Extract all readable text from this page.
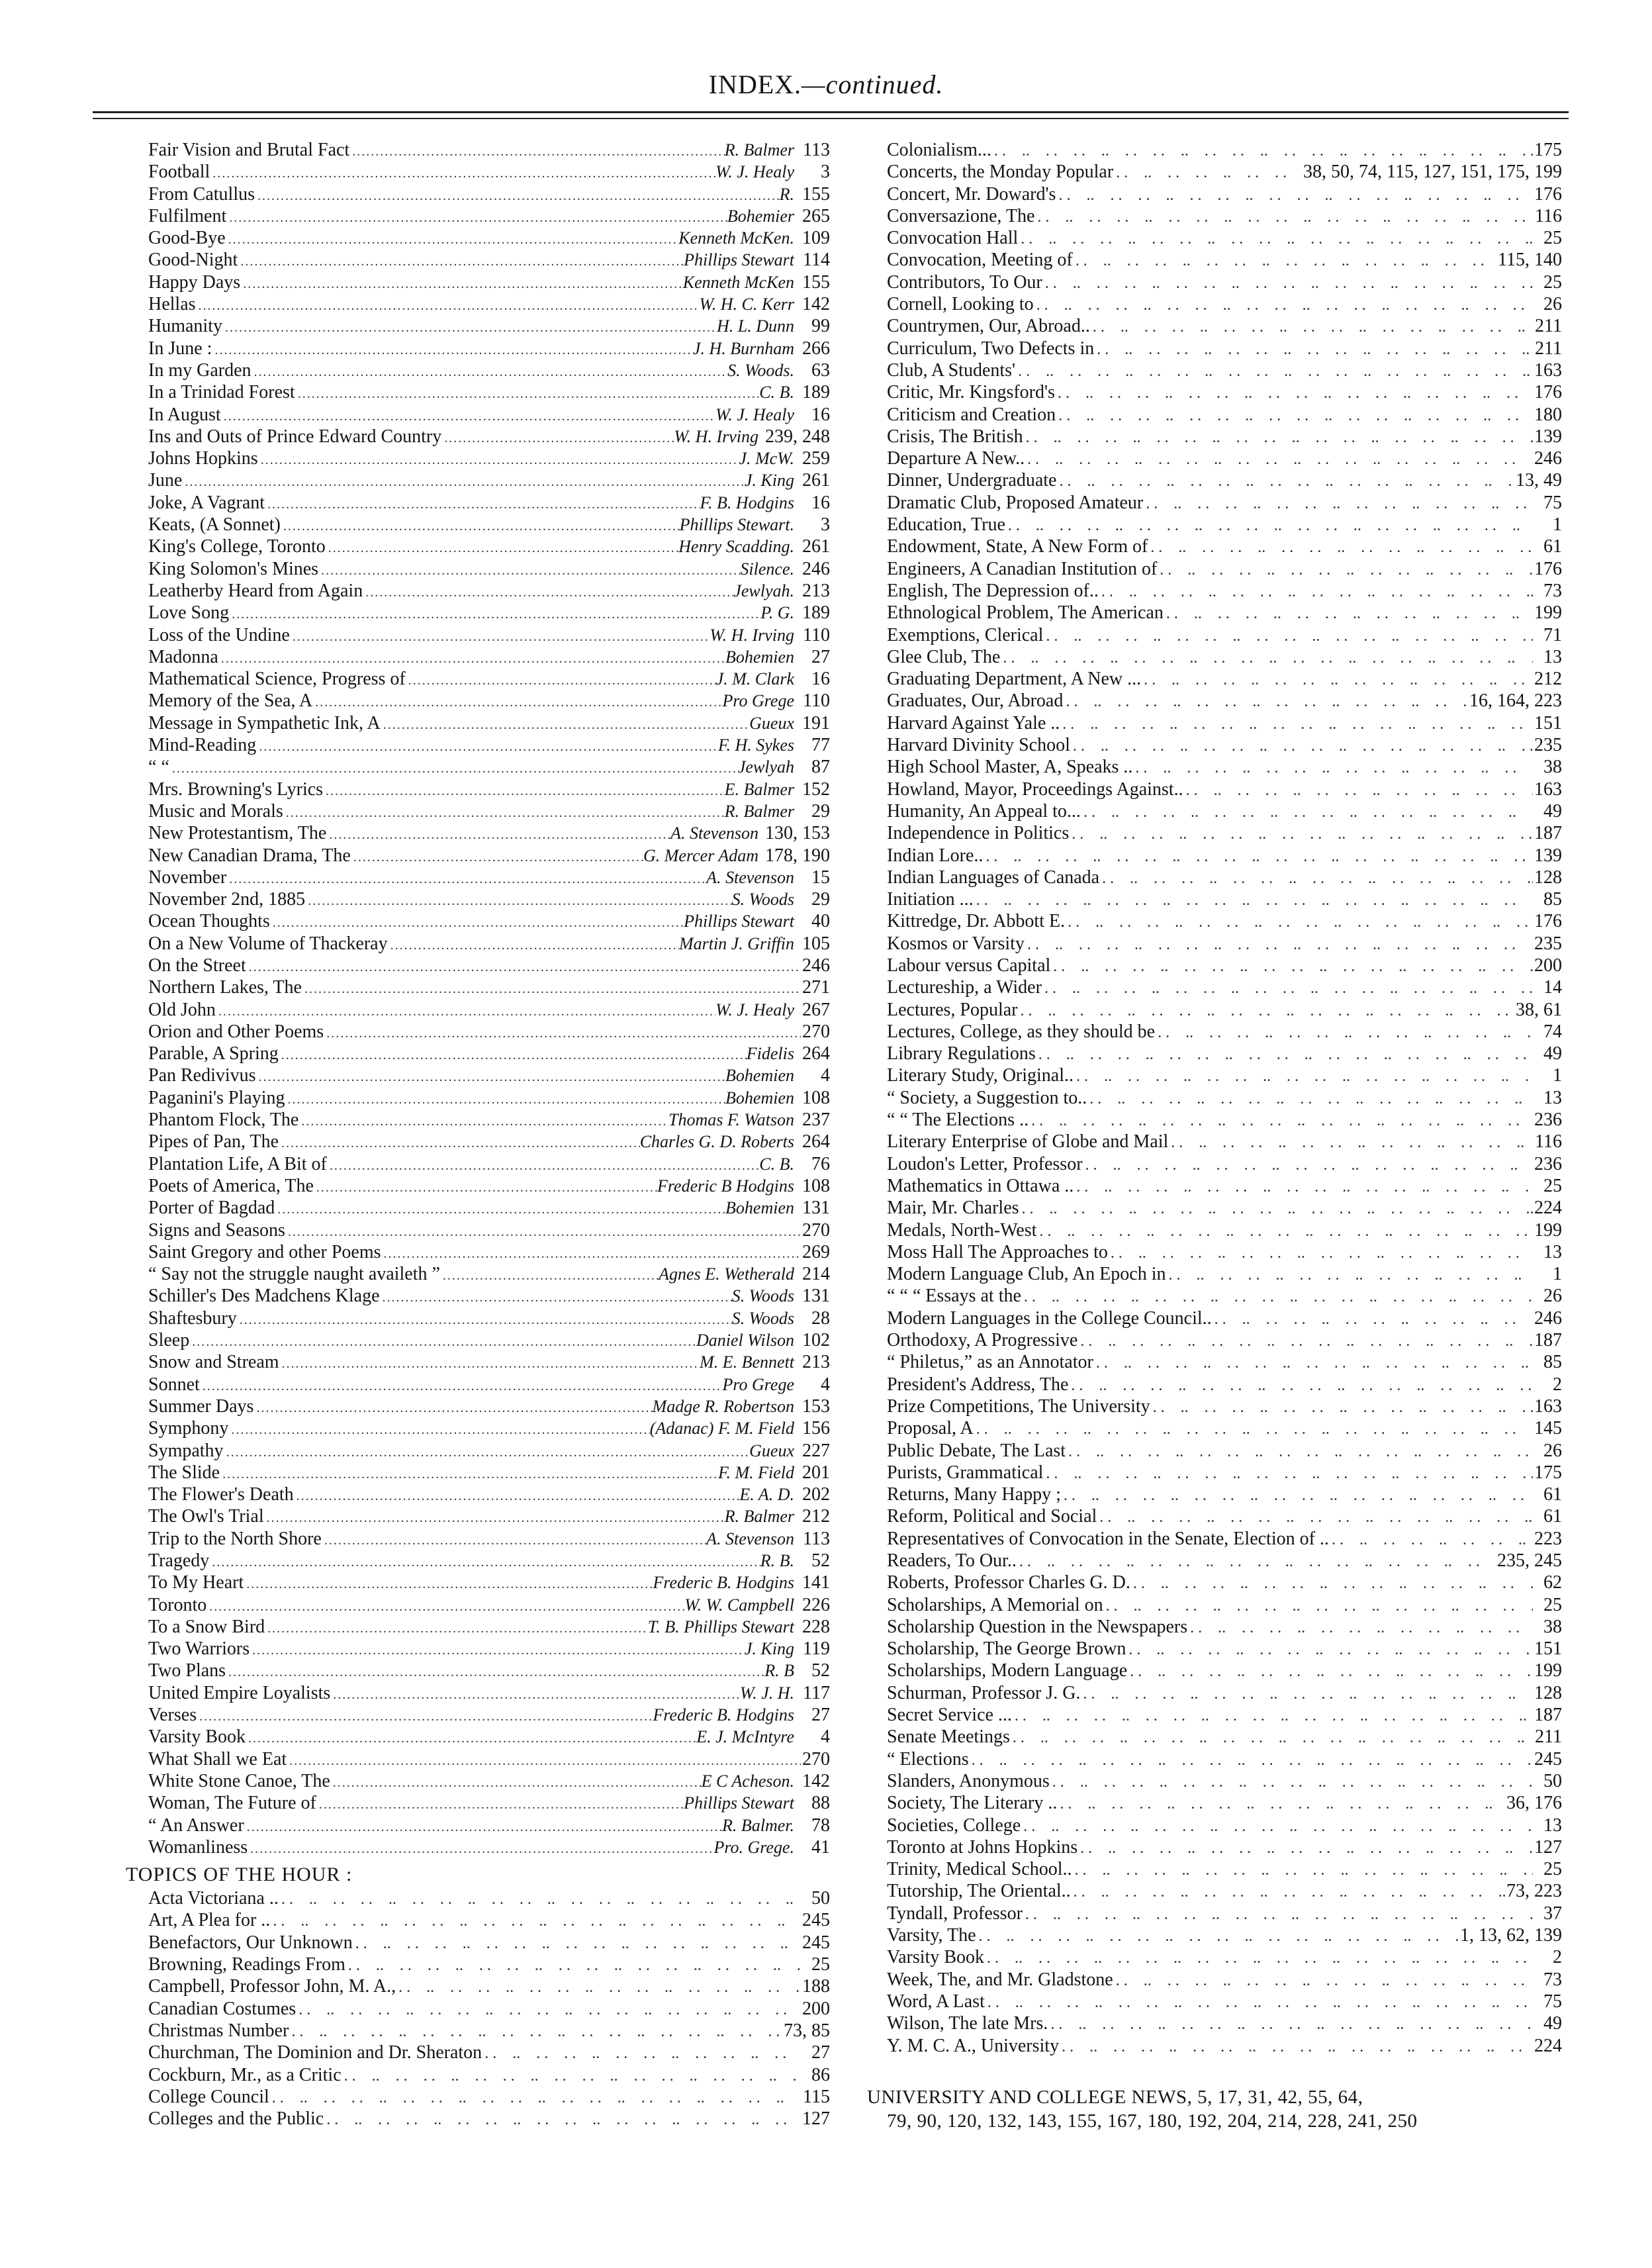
INDEX.—continued.
Fair Vision and Brutal Fact .....	R. Balmer 113
Football .....	W. J. Healy	3
From Catullus .....	R. 155
Fulfilment .....	Bohemier 265
Good-Bye .....	Kenneth McKen. 109
Good-Night .....	Phillips Stewart 114
Happy Days .....	Kenneth McKen 155
Hellas .....	W. H. C. Kerr 142
Humanity .....	H. L. Dunn 99
In June : .....	J. H. Burnham 266
In my Garden .....	S. Woods. 63
In a Trinidad Forest .....	C. B. 189
In August .....	W. J. Healy 16
Ins and Outs of Prince Edward Country .....	W. H. Irving 239, 248
Johns Hopkins .....	J. McW. 259
June .....	J. King 261
Joke, A Vagrant .....	F. B. Hodgins 16
Keats, (A Sonnet) .....	Phillips Stewart.	3
King's College, Toronto .....	Henry Scadding. 261
King Solomon's Mines .....	Silence. 246
Leatherby Heard from Again .....	Jewlyah. 213
Love Song .....	P. G. 189
Loss of the Undine .....	W. H. Irving 110
Madonna .....	Bohemien 27
Mathematical Science, Progress of .....	J. M. Clark 16
Memory of the Sea, A .....	Pro Grege 110
Message in Sympathetic Ink, A .....	Gueux 191
Mind-Reading .....	F. H. Sykes 77
“ “ .....	Jewlyah 87
Mrs. Browning's Lyrics .....	E. Balmer 152
Music and Morals .....	R. Balmer 29
New Protestantism, The .....	A. Stevenson 130, 153
New Canadian Drama, The .....	G. Mercer Adam 178, 190
November .....	A. Stevenson 15
November 2nd, 1885 .....	S. Woods 29
Ocean Thoughts .....	Phillips Stewart 40
On a New Volume of Thackeray .....	Martin J. Griffin 105
On the Street .....	246
Northern Lakes, The .....	271
Old John .....	W. J. Healy 267
Orion and Other Poems .....	270
Parable, A Spring .....	Fidelis 264
Pan Redivivus .....	Bohemien	4
Paganini's Playing .....	Bohemien 108
Phantom Flock, The .....	Thomas F. Watson 237
Pipes of Pan, The .....	Charles G. D. Roberts 264
Plantation Life, A Bit of .....	C. B. 76
Poets of America, The .....	Frederic B Hodgins 108
Porter of Bagdad .....	Bohemien 131
Signs and Seasons .....	270
Saint Gregory and other Poems .....	269
“ Say not the struggle naught availeth ” .....	Agnes E. Wetherald 214
Schiller's Des Madchens Klage .....	S. Woods 131
Shaftesbury .....	S. Woods 28
Sleep .....	Daniel Wilson 102
Snow and Stream .....	M. E. Bennett 213
Sonnet .....	Pro Grege	4
Summer Days .....	Madge R. Robertson 153
Symphony .....	(Adanac) F. M. Field 156
Sympathy .....	Gueux 227
The Slide .....	F. M. Field 201
The Flower's Death .....	E. A. D. 202
The Owl's Trial .....	R. Balmer 212
Trip to the North Shore .....	A. Stevenson 113
Tragedy .....	R. B. 52
To My Heart .....	Frederic B. Hodgins 141
Toronto .....	W. W. Campbell 226
To a Snow Bird .....	T. B. Phillips Stewart 228
Two Warriors .....	J. King 119
Two Plans .....	R. B 52
United Empire Loyalists .....	W. J. H. 117
Verses .....	Frederic B. Hodgins 27
Varsity Book .....	E. J. McIntyre	4
What Shall we Eat .....	270
White Stone Canoe, The .....	E C Acheson. 142
Woman, The Future of .....	Phillips Stewart 88
“ An Answer .....	R. Balmer. 78
Womanliness .....	Pro. Grege. 41
TOPICS OF THE HOUR :
Acta Victoriana .. . .	50
Art, A Plea for .. . .	245
Benefactors, Our Unknown . .	245
Browning, Readings From . .	25
Campbell, Professor John, M. A., . .	188
Canadian Costumes . .	200
Christmas Number . .	73, 85
Churchman, The Dominion and Dr. Sheraton . .	27
Cockburn, Mr., as a Critic . .	86
College Council . .	115
Colleges and the Public . .	127
Colonialism... . .	175
Concerts, the Monday Popular . .	38, 50, 74, 115, 127, 151, 175, 199
Concert, Mr. Doward's . .	176
Conversazione, The . .	116
Convocation Hall . .	25
Convocation, Meeting of . .	115, 140
Contributors, To Our . .	25
Cornell, Looking to . .	26
Countrymen, Our, Abroad.. . .	211
Curriculum, Two Defects in . .	211
Club, A Students' . .	163
Critic, Mr. Kingsford's . .	176
Criticism and Creation . .	180
Crisis, The British . .	139
Departure A New.. . .	246
Dinner, Undergraduate . .	13, 49
Dramatic Club, Proposed Amateur . .	75
Education, True . .	1
Endowment, State, A New Form of . .	61
Engineers, A Canadian Institution of . .	176
English, The Depression of.. . .	73
Ethnological Problem, The American . .	199
Exemptions, Clerical . .	71
Glee Club, The . .	13
Graduating Department, A New ... . .	212
Graduates, Our, Abroad . .	16, 164, 223
Harvard Against Yale .. . .	151
Harvard Divinity School . .	235
High School Master, A, Speaks .. . .	38
Howland, Mayor, Proceedings Against.. . .	163
Humanity, An Appeal to... . .	49
Independence in Politics . .	187
Indian Lore.. . .	139
Indian Languages of Canada . .	128
Initiation ... . .	85
Kittredge, Dr. Abbott E. . .	176
Kosmos or Varsity . .	235
Labour versus Capital . .	200
Lectureship, a Wider . .	14
Lectures, Popular . .	38, 61
Lectures, College, as they should be . .	74
Library Regulations . .	49
Literary Study, Original.. . .	1
“ Society, a Suggestion to.. . .	13
“ “ The Elections .. . .	236
Literary Enterprise of Globe and Mail . .	116
Loudon's Letter, Professor . .	236
Mathematics in Ottawa .. . .	25
Mair, Mr. Charles . .	224
Medals, North-West . .	199
Moss Hall The Approaches to . .	13
Modern Language Club, An Epoch in . .	1
“ “ “ Essays at the . .	26
Modern Languages in the College Council.. . .	246
Orthodoxy, A Progressive . .	187
“ Philetus,” as an Annotator . .	85
President's Address, The . .	2
Prize Competitions, The University . .	163
Proposal, A . .	145
Public Debate, The Last . .	26
Purists, Grammatical . .	175
Returns, Many Happy ; . .	61
Reform, Political and Social . .	61
Representatives of Convocation in the Senate, Election of .. . .	223
Readers, To Our.. . .	235, 245
Roberts, Professor Charles G. D. . .	62
Scholarships, A Memorial on . .	25
Scholarship Question in the Newspapers . .	38
Scholarship, The George Brown . .	151
Scholarships, Modern Language . .	199
Schurman, Professor J. G. . .	128
Secret Service ... . .	187
Senate Meetings . .	211
“ Elections . .	245
Slanders, Anonymous . .	50
Society, The Literary .. . .	36, 176
Societies, College . .	13
Toronto at Johns Hopkins . .	127
Trinity, Medical School.. . .	25
Tutorship, The Oriental.. . .	73, 223
Tyndall, Professor . .	37
Varsity, The . .	1, 13, 62, 139
Varsity Book . .	2
Week, The, and Mr. Gladstone . .	73
Word, A Last . .	75
Wilson, The late Mrs. . .	49
Y. M. C. A., University . .	224
UNIVERSITY AND COLLEGE NEWS, 5, 17, 31, 42, 55, 64,
79, 90, 120, 132, 143, 155, 167, 180, 192, 204, 214, 228, 241, 250
